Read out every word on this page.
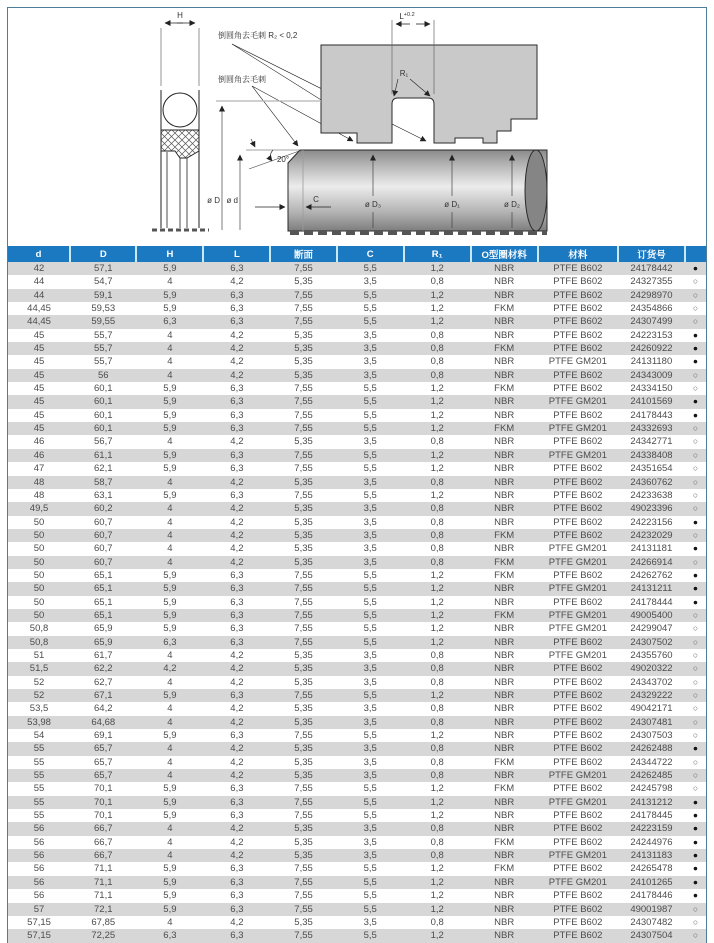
H
倒圆角去毛刺 R₂ < 0,2
倒圆角去毛刺
$L^{+0.2}$
R₁
20°
C
ø D ø d	ø D₃	ø D₁	ø D₂
d	D	H	L	断面	C	R₁	O型圈材料	材料	订货号	
42	57,1	5,9	6,3	7,55	5,5	1,2	NBR	PTFE B602	24178442	●
44	54,7	4	4,2	5,35	3,5	0,8	NBR	PTFE B602	24327355	○
44	59,1	5,9	6,3	7,55	5,5	1,2	NBR	PTFE B602	24298970	○
44,45	59,53	5,9	6,3	7,55	5,5	1,2	FKM	PTFE B602	24354866	○
44,45	59,55	6,3	6,3	7,55	5,5	1,2	NBR	PTFE B602	24307499	○
45	55,7	4	4,2	5,35	3,5	0,8	NBR	PTFE B602	24223153	●
45	55,7	4	4,2	5,35	3,5	0,8	FKM	PTFE B602	24260922	●
45	55,7	4	4,2	5,35	3,5	0,8	NBR	PTFE GM201	24131180	●
45	56	4	4,2	5,35	3,5	0,8	NBR	PTFE B602	24343009	○
45	60,1	5,9	6,3	7,55	5,5	1,2	FKM	PTFE B602	24334150	○
45	60,1	5,9	6,3	7,55	5,5	1,2	NBR	PTFE GM201	24101569	●
45	60,1	5,9	6,3	7,55	5,5	1,2	NBR	PTFE B602	24178443	●
45	60,1	5,9	6,3	7,55	5,5	1,2	FKM	PTFE GM201	24332693	○
46	56,7	4	4,2	5,35	3,5	0,8	NBR	PTFE B602	24342771	○
46	61,1	5,9	6,3	7,55	5,5	1,2	NBR	PTFE GM201	24338408	○
47	62,1	5,9	6,3	7,55	5,5	1,2	NBR	PTFE B602	24351654	○
48	58,7	4	4,2	5,35	3,5	0,8	NBR	PTFE B602	24360762	○
48	63,1	5,9	6,3	7,55	5,5	1,2	NBR	PTFE B602	24233638	○
49,5	60,2	4	4,2	5,35	3,5	0,8	NBR	PTFE B602	49023396	○
50	60,7	4	4,2	5,35	3,5	0,8	NBR	PTFE B602	24223156	●
50	60,7	4	4,2	5,35	3,5	0,8	FKM	PTFE B602	24232029	○
50	60,7	4	4,2	5,35	3,5	0,8	NBR	PTFE GM201	24131181	●
50	60,7	4	4,2	5,35	3,5	0,8	FKM	PTFE GM201	24266914	○
50	65,1	5,9	6,3	7,55	5,5	1,2	FKM	PTFE B602	24262762	●
50	65,1	5,9	6,3	7,55	5,5	1,2	NBR	PTFE GM201	24131211	●
50	65,1	5,9	6,3	7,55	5,5	1,2	NBR	PTFE B602	24178444	●
50	65,1	5,9	6,3	7,55	5,5	1,2	FKM	PTFE GM201	49005400	○
50,8	65,9	5,9	6,3	7,55	5,5	1,2	NBR	PTFE GM201	24299047	○
50,8	65,9	6,3	6,3	7,55	5,5	1,2	NBR	PTFE B602	24307502	○
51	61,7	4	4,2	5,35	3,5	0,8	NBR	PTFE GM201	24355760	○
51,5	62,2	4,2	4,2	5,35	3,5	0,8	NBR	PTFE B602	49020322	○
52	62,7	4	4,2	5,35	3,5	0,8	NBR	PTFE B602	24343702	○
52	67,1	5,9	6,3	7,55	5,5	1,2	NBR	PTFE B602	24329222	○
53,5	64,2	4	4,2	5,35	3,5	0,8	NBR	PTFE B602	49042171	○
53,98	64,68	4	4,2	5,35	3,5	0,8	NBR	PTFE B602	24307481	○
54	69,1	5,9	6,3	7,55	5,5	1,2	NBR	PTFE B602	24307503	○
55	65,7	4	4,2	5,35	3,5	0,8	NBR	PTFE B602	24262488	●
55	65,7	4	4,2	5,35	3,5	0,8	FKM	PTFE B602	24344722	○
55	65,7	4	4,2	5,35	3,5	0,8	NBR	PTFE GM201	24262485	○
55	70,1	5,9	6,3	7,55	5,5	1,2	FKM	PTFE B602	24245798	○
55	70,1	5,9	6,3	7,55	5,5	1,2	NBR	PTFE GM201	24131212	●
55	70,1	5,9	6,3	7,55	5,5	1,2	NBR	PTFE B602	24178445	●
56	66,7	4	4,2	5,35	3,5	0,8	NBR	PTFE B602	24223159	●
56	66,7	4	4,2	5,35	3,5	0,8	FKM	PTFE B602	24244976	●
56	66,7	4	4,2	5,35	3,5	0,8	NBR	PTFE GM201	24131183	●
56	71,1	5,9	6,3	7,55	5,5	1,2	FKM	PTFE B602	24265478	●
56	71,1	5,9	6,3	7,55	5,5	1,2	NBR	PTFE GM201	24101265	●
56	71,1	5,9	6,3	7,55	5,5	1,2	NBR	PTFE B602	24178446	●
57	72,1	5,9	6,3	7,55	5,5	1,2	NBR	PTFE B602	49001987	○
57,15	67,85	4	4,2	5,35	3,5	0,8	NBR	PTFE B602	24307482	○
57,15	72,25	6,3	6,3	7,55	5,5	1,2	NBR	PTFE B602	24307504	○
